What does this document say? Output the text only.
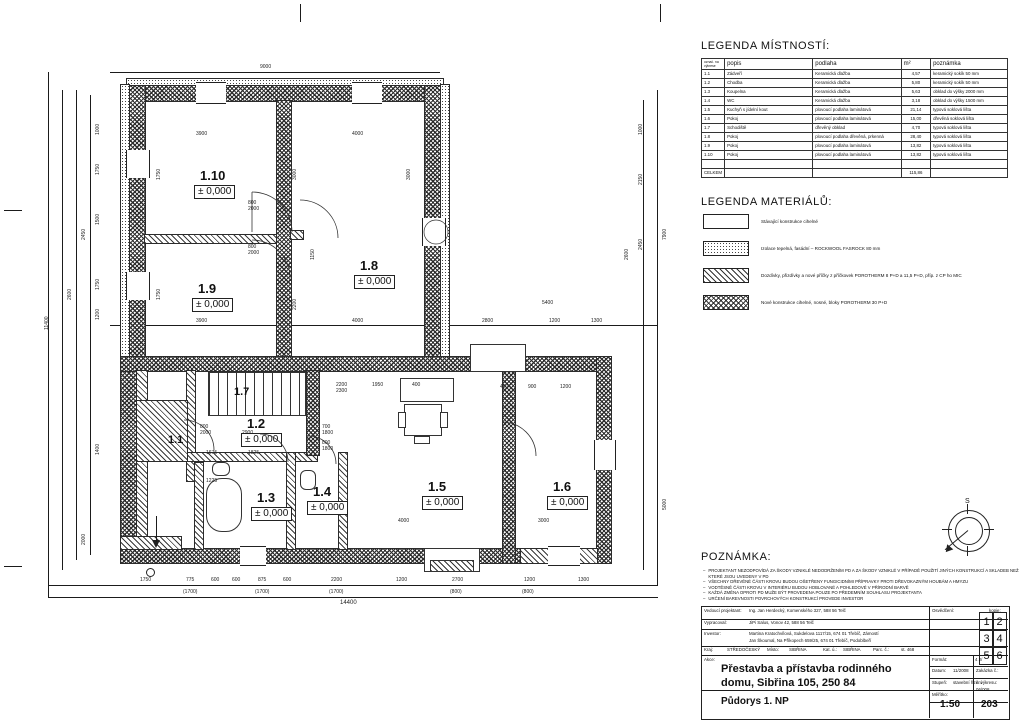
9000
14400
11400
7900
5000
5400
3900	4000
3900	4000	2800	1200	1300
1750	775	600	600	875	600	2200	1200	2700	1200	1300
(1700)	(1700)	(1700)	(800)	(800)
1000
1750
1500
1750
1200
2450
2600
1400
2000
1000
2150
2450
2600
1.10
± 0,000
1.9
± 0,000
1.8
± 0,000
800
2000
800
2000	1150
1750
1750
3000
2200
3000
1.7
1.1
1.2
± 0,000
1.3
± 0,000
1.4
± 0,000
1.5
± 0,000
1.6
± 0,000
800
2000
700
1800
800
1800
1825
1675
1225
2200
2300
1950	400
2900
4000	3000
450	900	1200
LEGENDA MÍSTNOSTÍ:
označ. na výkrese	popis	podlaha	m²	poznámka
1.1	Zádveří	Keramická dlažba	4,57	keramický sokík 50 mm
1.2	Chodba	Keramická dlažba	5,80	keramický sokík 50 mm
1.3	Koupelna	Keramická dlažba	5,63	obklad do výšky 2000 mm
1.4	WC	Keramická dlažba	3,18	obklad do výšky 1500 mm
1.5	Kuchyň s jídelní kout	plovoucí podlaha laminátová	21,14	typová soklová lišta
1.6	Pokoj	plovoucí podlaha laminátová	15,00	dřevěná soklová lišta
1.7	Schodiště	dřevěný obklad	4,70	typová soklová lišta
1.8	Pokoj	plovoucí podlaha dřevěná, prkenná	28,40	typová soklová lišta
1.9	Pokoj	plovoucí podlaha laminátová	13,82	typová soklová lišta
1.10	Pokoj	plovoucí podlaha laminátová	13,82	typová soklová lišta

CELKEM			115,86	
LEGENDA MATERIÁLŮ:
Stávající konstrukce cihelné
Izolace tepelná, fasádní – ROCKWOOL FASROCK 80 mm
Dozdívky, přizdívky a nové příčky z příčkovek POROTHERM 8 P+D a 11,5 P+D, příp. z CP ho MIC
Nové konstrukce cihelné, nosné, bloky POROTHERM 30 P+D
POZNÁMKA:
– PROJEKTANT NEZODPOVÍDÁ ZA ŠKODY VZNIKLÉ NEDODRŽENÍM PD A ZA ŠKODY VZNIKLÉ V PŘÍPADĚ POUŽITÍ JINÝCH KONSTRUKCÍ A SKLADEB NEŽ KTERÉ JSOU UVEDENY V PD
– VŠECHNY DŘEVĚNÉ ČÁSTI KROVU BUDOU OŠETŘENY FUNGICIDNÍMI PŘÍPRAVKY PROTI DŘEVOKAZNÝM HOUBÁM A HMYZU
– VODTĚSNĚ ČÁSTI KROVU V INTERIÉRU BUDOU HOBLOVANÉ A POHLEDOVÉ V PŘÍRODNÍ BARVĚ
– KAŽDÁ ZMĚNA OPROTI PD MUŽE BÝT PROVEDENA POUZE PO PŘEDEMNÍM SOUHLASU PROJEKTANTA
– URČENÍ BAREVNOSTI POVRCHOVÝCH KONSTRUKCÍ PROVEDE INVESTOR
Vedoucí projektant: Ing. Jan Herdecký, Komenského 327, 588 56 Telč
Vypracoval:	JiPi Salus, Vonov 42, 588 56 Telč
Investor:	Martina Kratochvílová, Sukdelova 1117/15, 674 01 Třebíč, Zámostí
Jan Škoumal, Na Příkopech 659/25, 674 01 Třebíč, Podoblbeří
Kraj:	STŘEDOČESKÝ Místo: SIBŘINA	Kat. ú.: SIBŘINA	Parc. č.:	st. 468
Akce:
Přestavba a přístavba rodinného
domu, Sibřina 105, 250 84
Půdorys 1. NP
Osvědčení:	kopie:
1 2
3 4
5 6
Formát:	4 2/
Datum: 11/2008 Zakázka č.:
Stupeň: stavební řízení
č. výkresu:
06/008
Měřítko:
1:50 203
S
